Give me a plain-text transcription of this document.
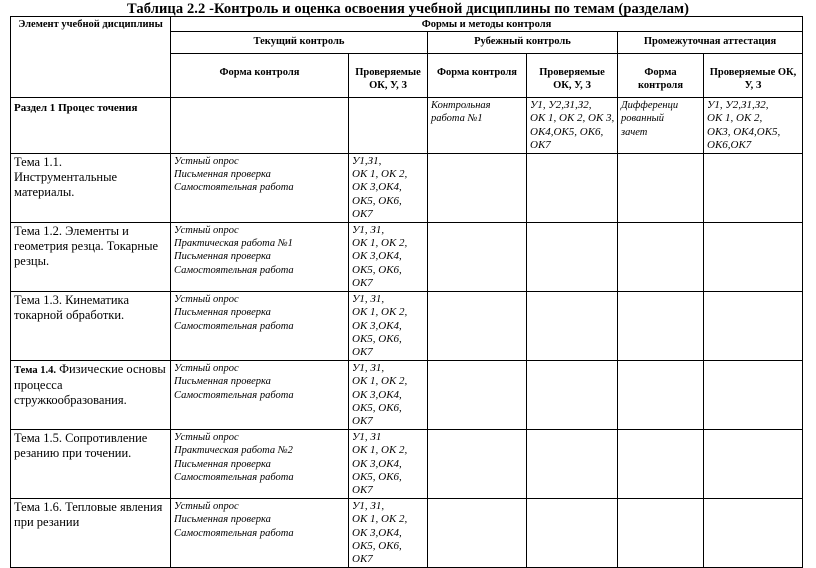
Таблица 2.2 -Контроль и оценка освоения учебной дисциплины по темам (разделам)
Элемент учебной дисциплины	Формы и методы контроля					
	Текущий контроль		Рубежный контроль		Промежуточная аттестация	
	Форма контроля	Проверяемые ОК, У, З	Форма контроля	Проверяемые ОК, У, З	Форма контроля	Проверяемые ОК, У, З
Раздел 1 Процес точения			Контрольная работа №1	У1, У2,З1,З2,
ОК 1, ОК 2, ОК 3,
ОК4,ОК5, ОК6,
ОК7	Дифференци
рованный
зачет	У1, У2,З1,З2,
ОК 1, ОК 2,
ОК3, ОК4,ОК5,
ОК6,ОК7

Тема 1.1. Инструментальные материалы.	Устный опрос
Письменная проверка
Самостоятельная работа	У1,З1,
ОК 1, ОК 2,
ОК 3,ОК4,
ОК5, ОК6,
ОК7				

Тема 1.2. Элементы и геометрия резца. Токарные резцы.	Устный опрос
Практическая работа №1
Письменная проверка
Самостоятельная работа	У1, З1,
ОК 1, ОК 2,
ОК 3,ОК4,
ОК5, ОК6,
ОК7				

Тема 1.3. Кинематика токарной обработки.	Устный опрос
Письменная проверка
Самостоятельная работа	У1, З1,
ОК 1, ОК 2,
ОК 3,ОК4,
ОК5, ОК6,
ОК7				

Тема 1.4. Физические основы процесса стружкообразования.	Устный опрос
Письменная проверка
Самостоятельная работа	У1, З1,
ОК 1, ОК 2,
ОК 3,ОК4,
ОК5, ОК6,
ОК7				

Тема 1.5. Сопротивление резанию при точении.	Устный опрос
Практическая работа №2
Письменная проверка
Самостоятельная работа	У1, З1
ОК 1, ОК 2,
ОК 3,ОК4,
ОК5, ОК6,
ОК7				

Тема 1.6. Тепловые явления при резании	Устный опрос
Письменная проверка
Самостоятельная работа	У1, З1,
ОК 1, ОК 2,
ОК 3,ОК4,
ОК5, ОК6,
ОК7				
